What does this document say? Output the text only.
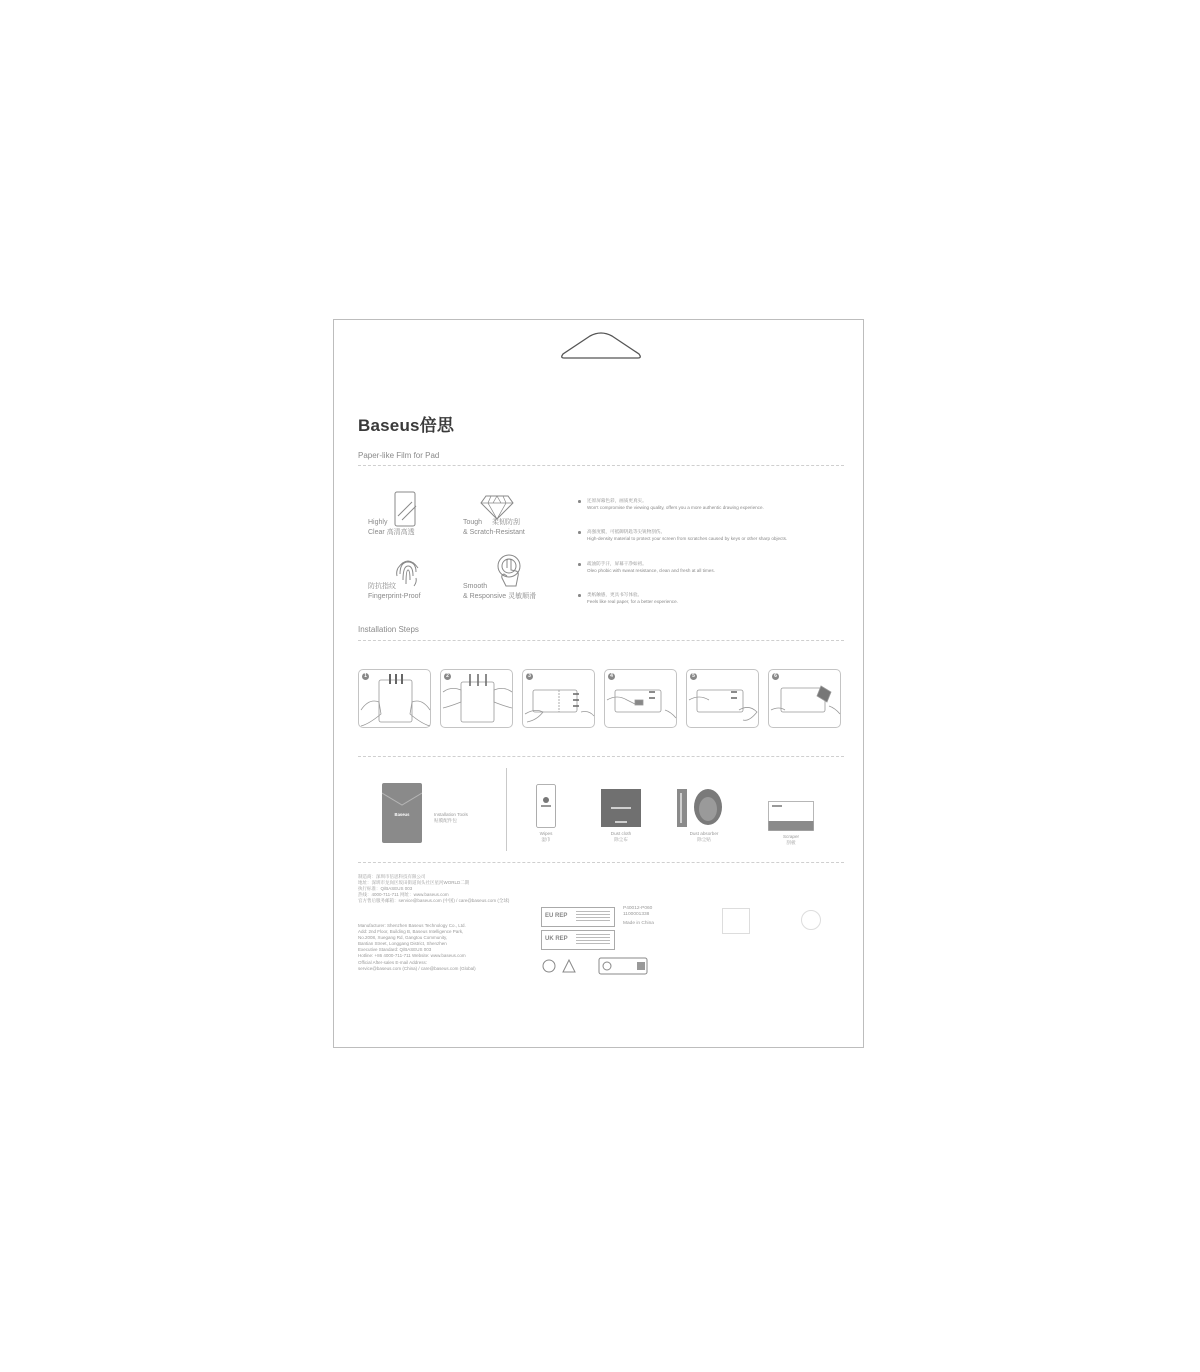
Baseus倍思
Paper-like Film for Pad
Highly
Clear 高清高透
Tough 柔韧防刮
& Scratch-Resistant
防抗指纹
Fingerprint-Proof
Smooth
& Responsive 灵敏顺滑
还原屏幕色彩，画质更真实。
Won't compromise the viewing quality, offers you a more authentic drawing experience.
高强度膜，可抵御钥匙等尖锐物刮伤。
High-density material to protect your screen from scratches caused by keys or other sharp objects.
疏油防手汗，屏幕干净如初。
Oleo phobic with sweat resistance, clean and fresh at all times.
类纸触感，更具书写体验。
Feels like real paper, for a better experience.
Installation Steps
1	2	3	4	5	6
Baseus	Installation Tools
贴膜配件包
Wipes
湿巾
Dust cloth
除尘布
Dust absorber
除尘贴
Scraper
刮板
制造商：深圳市倍思科技有限公司
地址：深圳市龙岗区坂田街道岗头社区星河WORLD二期
执行标准：Q/BASEUS 003
热线：4000-711-711 网址：www.baseus.com
官方售后服务邮箱：service@baseus.com (中国) / care@baseus.com (全球)
Manufacturer: Shenzhen Baseus Technology Co., Ltd.
Add: 2nd Floor, Building B, Baseus Intelligence Park,
No.2008, Xuegang Rd, Gangtou Community,
Bantian Street, Longgang District, Shenzhen
Executive Standard: Q/BASEUS 003
Hotline: +86 4000-711-711 Website: www.baseus.com
Official After-sales E-mail Address:
service@baseus.com (China) / care@baseus.com (Global)
EU REP
UK REP
P40012-P060
1100001338
Made in China
